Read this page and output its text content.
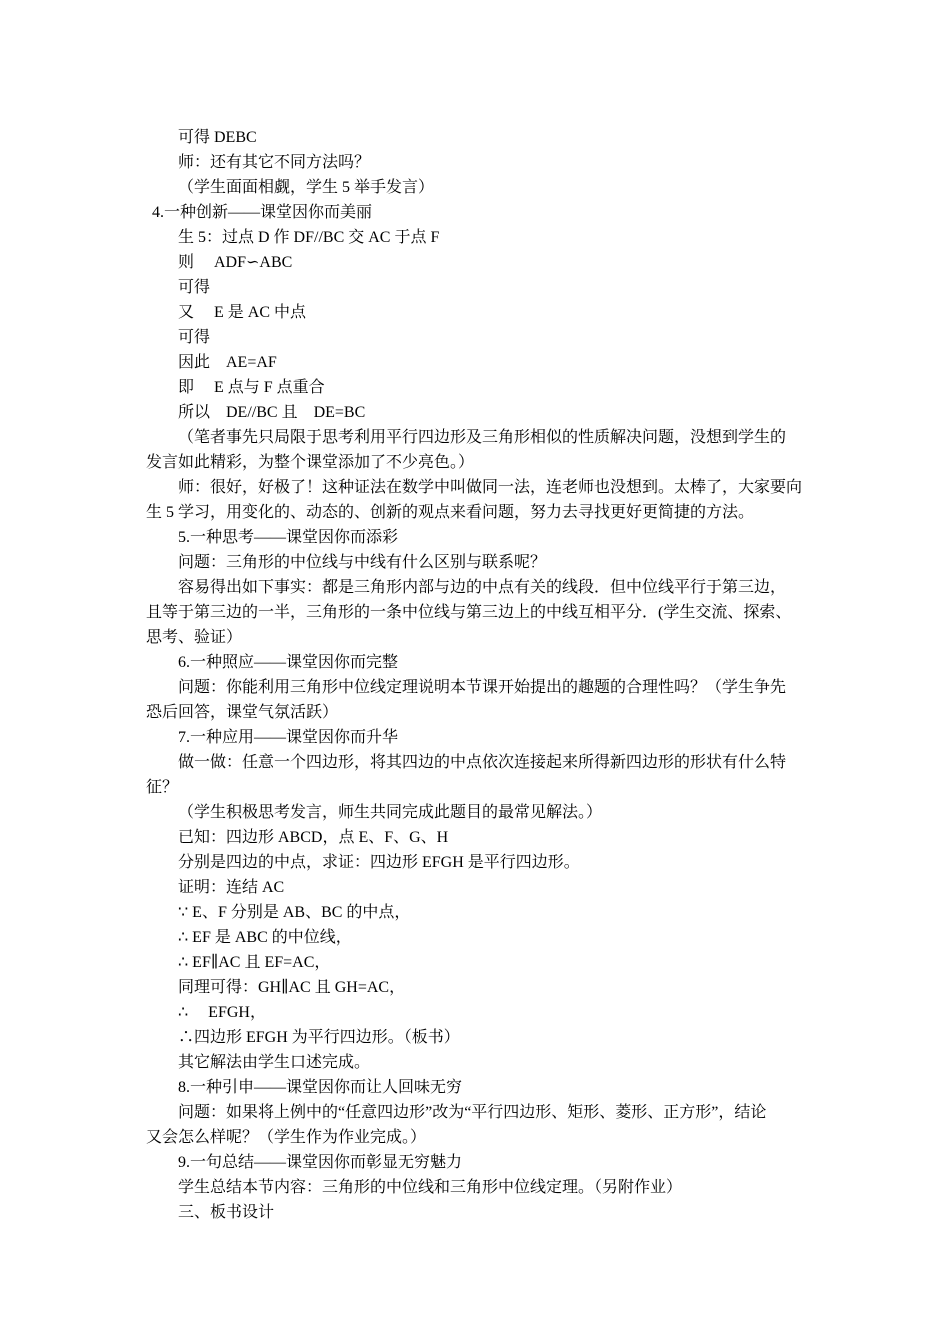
可得 DEBC
师：还有其它不同方法吗？
（学生面面相觑，学生 5 举手发言）
4.一种创新——课堂因你而美丽
生 5：过点 D 作 DF//BC 交 AC 于点 F
则　 ADF∽ABC
可得
又　 E 是 AC 中点
可得
因此　AE=AF
即　 E 点与 F 点重合
所以　DE//BC 且　DE=BC
（笔者事先只局限于思考利用平行四边形及三角形相似的性质解决问题，没想到学生的
发言如此精彩，为整个课堂添加了不少亮色。）
师：很好，好极了！这种证法在数学中叫做同一法，连老师也没想到。太棒了，大家要向
生 5 学习，用变化的、动态的、创新的观点来看问题，努力去寻找更好更简捷的方法。
5.一种思考——课堂因你而添彩
问题：三角形的中位线与中线有什么区别与联系呢？
容易得出如下事实：都是三角形内部与边的中点有关的线段．但中位线平行于第三边，
且等于第三边的一半，三角形的一条中位线与第三边上的中线互相平分．(学生交流、探索、
思考、验证）
6.一种照应——课堂因你而完整
问题：你能利用三角形中位线定理说明本节课开始提出的趣题的合理性吗？（学生争先
恐后回答，课堂气氛活跃）
7.一种应用——课堂因你而升华
做一做：任意一个四边形，将其四边的中点依次连接起来所得新四边形的形状有什么特
征？
（学生积极思考发言，师生共同完成此题目的最常见解法。）
已知：四边形 ABCD，点 E、F、G、H
分别是四边的中点，求证：四边形 EFGH 是平行四边形。
证明：连结 AC
∵ E、F 分别是 AB、BC 的中点，
∴ EF 是 ABC 的中位线，
∴ EF∥AC 且 EF=AC，
同理可得：GH∥AC 且 GH=AC，
∴　 EFGH，
∴四边形 EFGH 为平行四边形。（板书）
其它解法由学生口述完成。
8.一种引申——课堂因你而让人回味无穷
问题：如果将上例中的“任意四边形”改为“平行四边形、矩形、菱形、正方形”，结论
又会怎么样呢？（学生作为作业完成。）
9.一句总结——课堂因你而彰显无穷魅力
学生总结本节内容：三角形的中位线和三角形中位线定理。（另附作业）
三、板书设计
